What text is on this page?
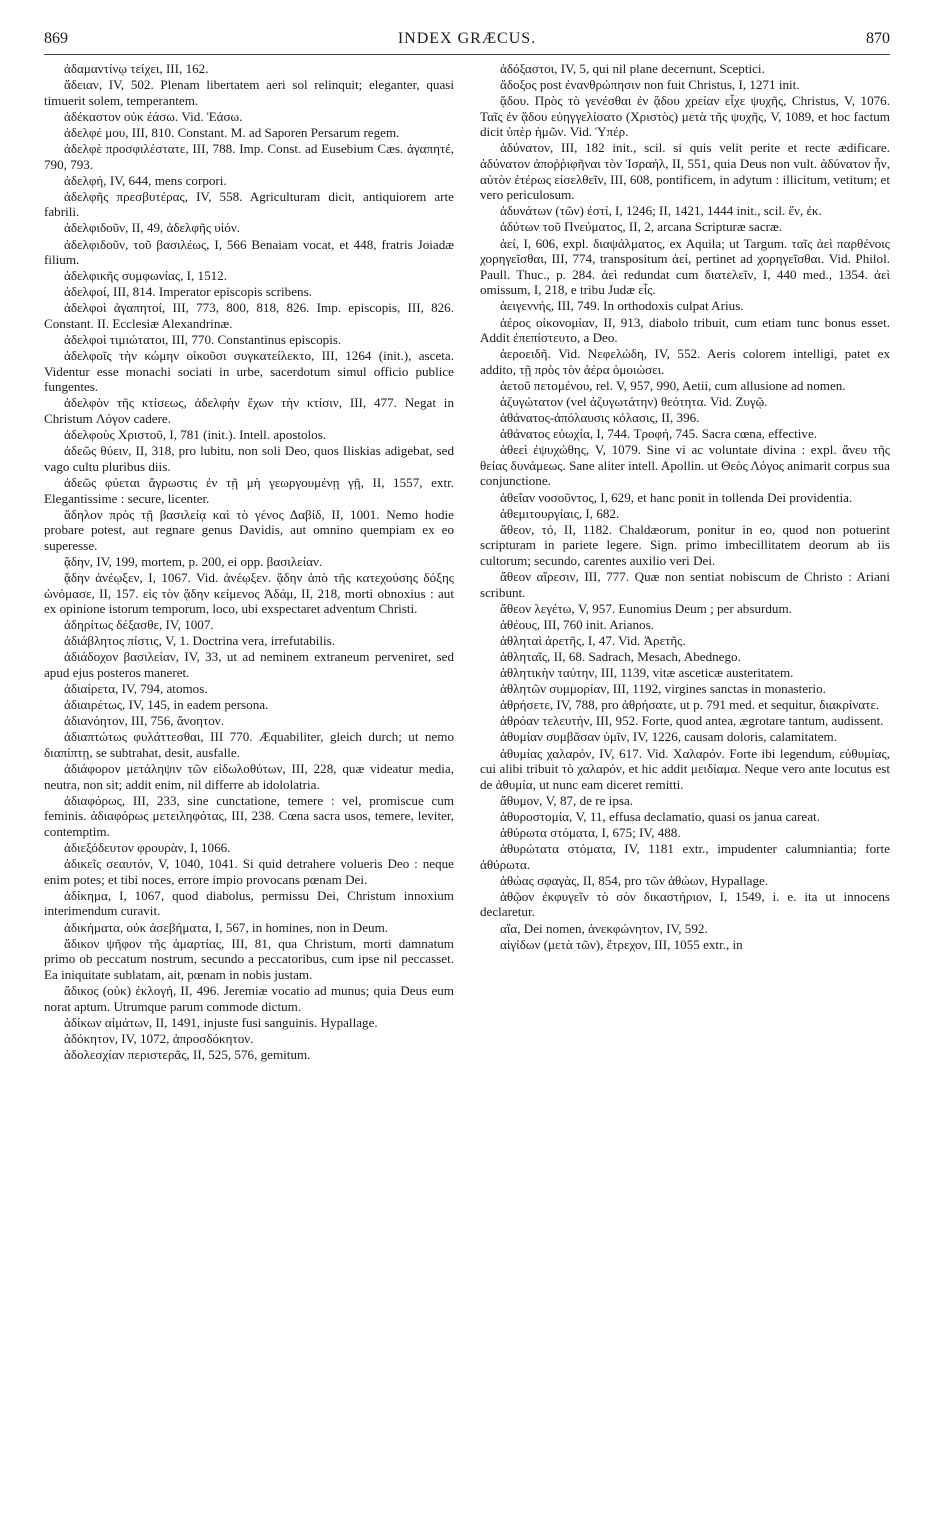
869	INDEX GRÆCUS.	870

ἀδαμαντίνῳ τείχει, III, 162.

ἄδειαν, IV, 502. Plenam libertatem aeri sol relinquit; eleganter, quasi timuerit solem, temperantem.

ἀδέκαστον οὐκ ἐάσω. Vid. Ἐάσω.

ἀδελφέ μου, III, 810. Constant. M. ad Saporen Persarum regem.

ἀδελφὲ προσφιλέστατε, III, 788. Imp. Const. ad Eusebium Cæs. ἀγαπητέ, 790, 793.

ἀδελφή, IV, 644, mens corpori.

ἀδελφῆς πρεσβυτέρας, IV, 558. Agriculturam dicit, antiquiorem arte fabrili.

ἀδελφιδοῦν, II, 49, ἀδελφῆς υἱόν.

ἀδελφιδοῦν, τοῦ βασιλέως, I, 566 Benaiam vocat, et 448, fratris Joiadæ filium.

ἀδελφικῆς συμφωνίας, I, 1512.

ἀδελφοί, III, 814. Imperator episcopis scribens.

ἀδελφοὶ ἀγαπητοί, III, 773, 800, 818, 826. Imp. episcopis, III, 826. Constant. II. Ecclesiæ Alexandrinæ.

ἀδελφοὶ τιμιώτατοι, III, 770. Constantinus episcopis.

ἀδελφοῖς τὴν κώμην οἰκοῦσι συγκατείλεκτο, III, 1264 (init.), asceta. Videntur esse monachi sociati in urbe, sacerdotum simul officio publice fungentes.

ἀδελφὸν τῆς κτίσεως, ἀδελφὴν ἔχων τὴν κτίσιν, III, 477. Negat in Christum Λόγον cadere.

ἀδελφοὺς Χριστοῦ, I, 781 (init.). Intell. apostolos.

ἀδεῶς θύειν, II, 318, pro lubitu, non soli Deo, quos Iliskias adigebat, sed vago cultu pluribus diis.

ἀδεῶς φύεται ἄγρωστις ἐν τῇ μὴ γεωργουμένῃ γῇ, II, 1557, extr. Elegantissime : secure, licenter.

ἄδηλον πρὸς τῇ βασιλείᾳ καὶ τὸ γένος Δαβίδ, II, 1001. Nemo hodie probare potest, aut regnare genus Davidis, aut omnino quempiam ex eo superesse.

ᾅδην, IV, 199, mortem, p. 200, ei opp. βασιλείαν.

ᾅδην ἀνέῳξεν, I, 1067. Vid. ἀνέῳξεν. ᾅδην ἀπὸ τῆς κατεχούσης δόξης ὠνόμασε, II, 157. εἰς τὸν ᾅδην κείμενος Ἀδάμ, II, 218, morti obnoxius : aut ex opinione istorum temporum, loco, ubi exspectaret adventum Christi.

ἀδηρίτως δέξασθε, IV, 1007.

ἀδιάβλητος πίστις, V, 1. Doctrina vera, irrefutabilis.

ἀδιάδοχον βασιλείαν, IV, 33, ut ad neminem extraneum perveniret, sed apud ejus posteros maneret.

ἀδιαίρετα, IV, 794, atomos.

ἀδιαιρέτως, IV, 145, in eadem persona.

ἀδιανόητον, III, 756, ἄνοητον.

ἀδιαπτώτως φυλάττεσθαι, III 770. Æquabiliter, gleich durch; ut nemo διαπίπτῃ, se subtrahat, desit, ausfalle.

ἀδιάφορον μετάληψιν τῶν εἰδωλοθύτων, III, 228, quæ videatur media, neutra, non sit; addit enim, nil differre ab idololatria.

ἀδιαφόρως, III, 233, sine cunctatione, temere : vel, promiscue cum feminis. ἀδιαφόρως μετειληφότας, III, 238. Cœna sacra usos, temere, leviter, contemptim.

ἀδιεξόδευτον φρουρὰν, I, 1066.

ἀδικεῖς σεαυτόν, V, 1040, 1041. Si quid detrahere volueris Deo : neque enim potes; et tibi noces, errore impio provocans pœnam Dei.

ἀδίκημα, I, 1067, quod diabolus, permissu Dei, Christum innoxium interimendum curavit.

ἀδικήματα, οὐκ ἀσεβήματα, I, 567, in homines, non in Deum.

ἄδικον ψῆφον τῆς ἁμαρτίας, III, 81, qua Christum, morti damnatum primo ob peccatum nostrum, secundo a peccatoribus, cum ipse nil peccasset. Ea iniquitate sublatam, ait, pœnam in nobis justam.

ἄδικος (οὐκ) ἐκλογή, II, 496. Jeremiæ vocatio ad munus; quia Deus eum norat aptum. Utrumque parum commode dictum.

ἀδίκων αἱμάτων, II, 1491, injuste fusi sanguinis. Hypallage.

ἀδόκητον, IV, 1072, ἀπροσδόκητον.

ἀδολεσχίαν περιστερᾶς, II, 525, 576, gemitum.

ἀδόξαστοι, IV, 5, qui nil plane decernunt, Sceptici.

ἄδοξος post ἐνανθρώπησιν non fuit Christus, I, 1271 init.

ᾅδου. Πρὸς τὸ γενέσθαι ἐν ᾅδου χρείαν εἶχε ψυχῆς, Christus, V, 1076. Ταῖς ἐν ᾅδου εὐηγγελίσατο (Χριστὸς) μετὰ τῆς ψυχῆς, V, 1089, et hoc factum dicit ὑπὲρ ἡμῶν. Vid. Ὑπέρ.

ἀδύνατον, III, 182 init., scil. si quis velit perite et recte ædificare. ἀδύνατον ἀποῤῥιφῆναι τὸν Ἰσραήλ, II, 551, quia Deus non vult. ἀδύνατον ἦν, αὐτὸν ἑτέρως εἰσελθεῖν, III, 608, pontificem, in adytum : illicitum, vetitum; et vero periculosum.

ἀδυνάτων (τῶν) ἐστί, I, 1246; II, 1421, 1444 init., scil. ἕν, ἐκ.

ἀδύτων τοῦ Πνεύματος, II, 2, arcana Scripturæ sacræ.

ἀεί, I, 606, expl. διαψάλματος, ex Aquila; ut Targum. ταῖς ἀεὶ παρθένοις χορηγεῖσθαι, III, 774, transpositum ἀεί, pertinet ad χορηγεῖσθαι. Vid. Philol. Paull. Thuc., p. 284. ἀεὶ redundat cum διατελεῖν, I, 440 med., 1354. ἀεὶ omissum, I, 218, e tribu Judæ εἷς.

ἀειγεννής, III, 749. In orthodoxis culpat Arius.

ἀέρος οἰκονομίαν, II, 913, diabolo tribuit, cum etiam tunc bonus esset. Addit ἐπεπίστευτο, a Deo.

ἀεροειδῆ. Vid. Νεφελώδη, IV, 552. Aeris colorem intelligi, patet ex addito, τῇ πρὸς τὸν ἀέρα ὁμοιώσει.

ἀετοῦ πετομένου, rel. V, 957, 990, Aetii, cum allusione ad nomen.

ἀζυγώτατον (vel ἀζυγωτάτην) θεότητα. Vid. Ζυγῷ.

ἀθάνατος-ἀπόλαυσις κόλασις, II, 396.

ἀθάνατος εὐωχία, I, 744. Τροφή, 745. Sacra cœna, effective.

ἀθεεὶ ἐψυχώθης, V, 1079. Sine vi ac voluntate divina : expl. ἄνευ τῆς θείας δυνάμεως. Sane aliter intell. Apollin. ut Θεὸς Λόγος animarit corpus sua conjunctione.

ἀθεΐαν νοσοῦντος, I, 629, et hanc ponit in tollenda Dei providentia.

ἀθεμιτουργίαις, I, 682.

ἄθεον, τό, II, 1182. Chaldæorum, ponitur in eo, quod non potuerint scripturam in pariete legere. Sign. primo imbecillitatem deorum ab iis cultorum; secundo, carentes auxilio veri Dei.

ἄθεον αἵρεσιν, III, 777. Quæ non sentiat nobiscum de Christo : Ariani scribunt.

ἄθεον λεγέτω, V, 957. Eunomius Deum ; per absurdum.

ἀθέους, III, 760 init. Arianos.

ἀθληταὶ ἀρετῆς, I, 47. Vid. Ἀρετῆς.

ἀθληταῖς, II, 68. Sadrach, Mesach, Abednego.

ἀθλητικὴν ταύτην, III, 1139, vitæ asceticæ austeritatem.

ἀθλητῶν συμμορίαν, III, 1192, virgines sanctas in monasterio.

ἀθρήσετε, IV, 788, pro ἀθρήσατε, ut p. 791 med. et sequitur, διακρίνατε.

ἀθρόαν τελευτήν, III, 952. Forte, quod antea, ægrotare tantum, audissent.

ἀθυμίαν συμβᾶσαν ὑμῖν, IV, 1226, causam doloris, calamitatem.

ἀθυμίας χαλαρόν, IV, 617. Vid. Χαλαρόν. Forte ibi legendum, εὐθυμίας, cui alibi tribuit τὸ χαλαρόν, et hic addit μειδίαμα. Neque vero ante locutus est de ἀθυμία, ut nunc eam diceret remitti.

ἄθυμον, V, 87, de re ipsa.

ἀθυροστομία, V, 11, effusa declamatio, quasi os janua careat.

ἀθύρωτα στόματα, I, 675; IV, 488.

ἀθυρώτατα στόματα, IV, 1181 extr., impudenter calumniantia; forte ἀθύρωτα.

ἀθώας σφαγὰς, II, 854, pro τῶν ἀθώων, Hypallage.

ἀθῷον ἐκφυγεῖν τὸ σὸν δικαστήριον, I, 1549, i. e. ita ut innocens declaretur.

αἴα, Dei nomen, ἀνεκφώνητον, IV, 592.

αἰγίδων (μετὰ τῶν), ἔτρεχον, III, 1055 extr., in
